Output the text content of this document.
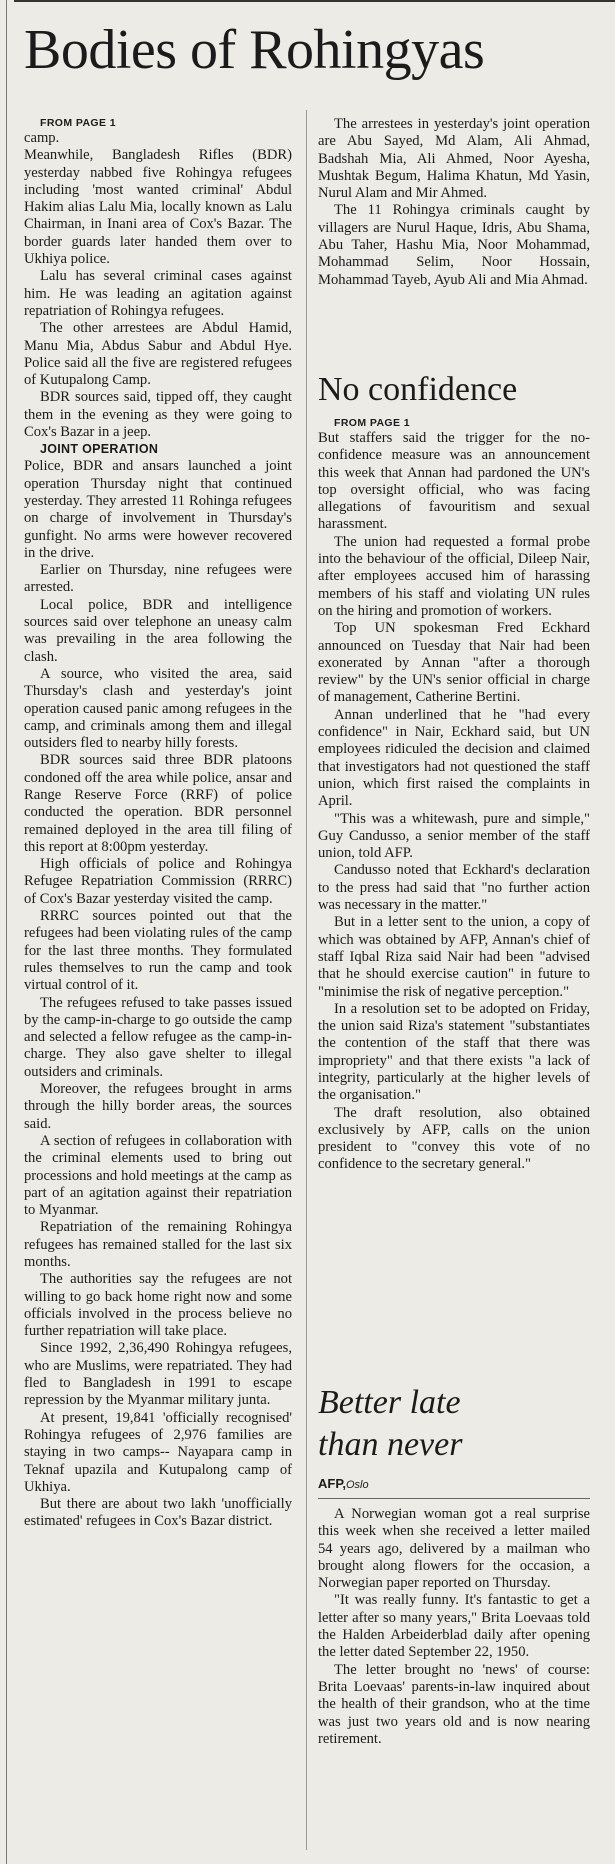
Bodies of Rohingyas

FROM PAGE 1

camp.

Meanwhile, Bangladesh Rifles (BDR) yesterday nabbed five Rohingya refugees including 'most wanted criminal' Abdul Hakim alias Lalu Mia, locally known as Lalu Chairman, in Inani area of Cox's Bazar. The border guards later handed them over to Ukhiya police.

Lalu has several criminal cases against him. He was leading an agitation against repatriation of Rohingya refugees.

The other arrestees are Abdul Hamid, Manu Mia, Abdus Sabur and Abdul Hye. Police said all the five are registered refugees of Kutupalong Camp.

BDR sources said, tipped off, they caught them in the evening as they were going to Cox's Bazar in a jeep.

JOINT OPERATION

Police, BDR and ansars launched a joint operation Thursday night that continued yesterday. They arrested 11 Rohinga refugees on charge of involvement in Thursday's gunfight. No arms were however recovered in the drive.

Earlier on Thursday, nine refugees were arrested.

Local police, BDR and intelligence sources said over telephone an uneasy calm was prevailing in the area following the clash.

A source, who visited the area, said Thursday's clash and yesterday's joint operation caused panic among refugees in the camp, and criminals among them and illegal outsiders fled to nearby hilly forests.

BDR sources said three BDR platoons condoned off the area while police, ansar and Range Reserve Force (RRF) of police conducted the operation. BDR personnel remained deployed in the area till filing of this report at 8:00pm yesterday.

High officials of police and Rohingya Refugee Repatriation Commission (RRRC) of Cox's Bazar yesterday visited the camp.

RRRC sources pointed out that the refugees had been violating rules of the camp for the last three months. They formulated rules themselves to run the camp and took virtual control of it.

The refugees refused to take passes issued by the camp-in-charge to go outside the camp and selected a fellow refugee as the camp-in-charge. They also gave shelter to illegal outsiders and criminals.

Moreover, the refugees brought in arms through the hilly border areas, the sources said.

A section of refugees in collaboration with the criminal elements used to bring out processions and hold meetings at the camp as part of an agitation against their repatriation to Myanmar.

Repatriation of the remaining Rohingya refugees has remained stalled for the last six months.

The authorities say the refugees are not willing to go back home right now and some officials involved in the process believe no further repatriation will take place.

Since 1992, 2,36,490 Rohingya refugees, who are Muslims, were repatriated. They had fled to Bangladesh in 1991 to escape repression by the Myanmar military junta.

At present, 19,841 'officially recognised' Rohingya refugees of 2,976 families are staying in two camps-- Nayapara camp in Teknaf upazila and Kutupalong camp of Ukhiya.

But there are about two lakh 'unofficially estimated' refugees in Cox's Bazar district.

The arrestees in yesterday's joint operation are Abu Sayed, Md Alam, Ali Ahmad, Badshah Mia, Ali Ahmed, Noor Ayesha, Mushtak Begum, Halima Khatun, Md Yasin, Nurul Alam and Mir Ahmed.

The 11 Rohingya criminals caught by villagers are Nurul Haque, Idris, Abu Shama, Abu Taher, Hashu Mia, Noor Mohammad, Mohammad Selim, Noor Hossain, Mohammad Tayeb, Ayub Ali and Mia Ahmad.

No confidence

FROM PAGE 1

But staffers said the trigger for the no-confidence measure was an announcement this week that Annan had pardoned the UN's top oversight official, who was facing allegations of favouritism and sexual harassment.

The union had requested a formal probe into the behaviour of the official, Dileep Nair, after employees accused him of harassing members of his staff and violating UN rules on the hiring and promotion of workers.

Top UN spokesman Fred Eckhard announced on Tuesday that Nair had been exonerated by Annan "after a thorough review" by the UN's senior official in charge of management, Catherine Bertini.

Annan underlined that he "had every confidence" in Nair, Eckhard said, but UN employees ridiculed the decision and claimed that investigators had not questioned the staff union, which first raised the complaints in April.

"This was a whitewash, pure and simple," Guy Candusso, a senior member of the staff union, told AFP.

Candusso noted that Eckhard's declaration to the press had said that "no further action was necessary in the matter."

But in a letter sent to the union, a copy of which was obtained by AFP, Annan's chief of staff Iqbal Riza said Nair had been "advised that he should exercise caution" in future to "minimise the risk of negative perception."

In a resolution set to be adopted on Friday, the union said Riza's statement "substantiates the contention of the staff that there was impropriety" and that there exists "a lack of integrity, particularly at the higher levels of the organisation."

The draft resolution, also obtained exclusively by AFP, calls on the union president to "convey this vote of no confidence to the secretary general."

Better late
than never
AFP,Oslo

A Norwegian woman got a real surprise this week when she received a letter mailed 54 years ago, delivered by a mailman who brought along flowers for the occasion, a Norwegian paper reported on Thursday.

"It was really funny. It's fantastic to get a letter after so many years," Brita Loevaas told the Halden Arbeiderblad daily after opening the letter dated September 22, 1950.

The letter brought no 'news' of course: Brita Loevaas' parents-in-law inquired about the health of their grandson, who at the time was just two years old and is now nearing retirement.
